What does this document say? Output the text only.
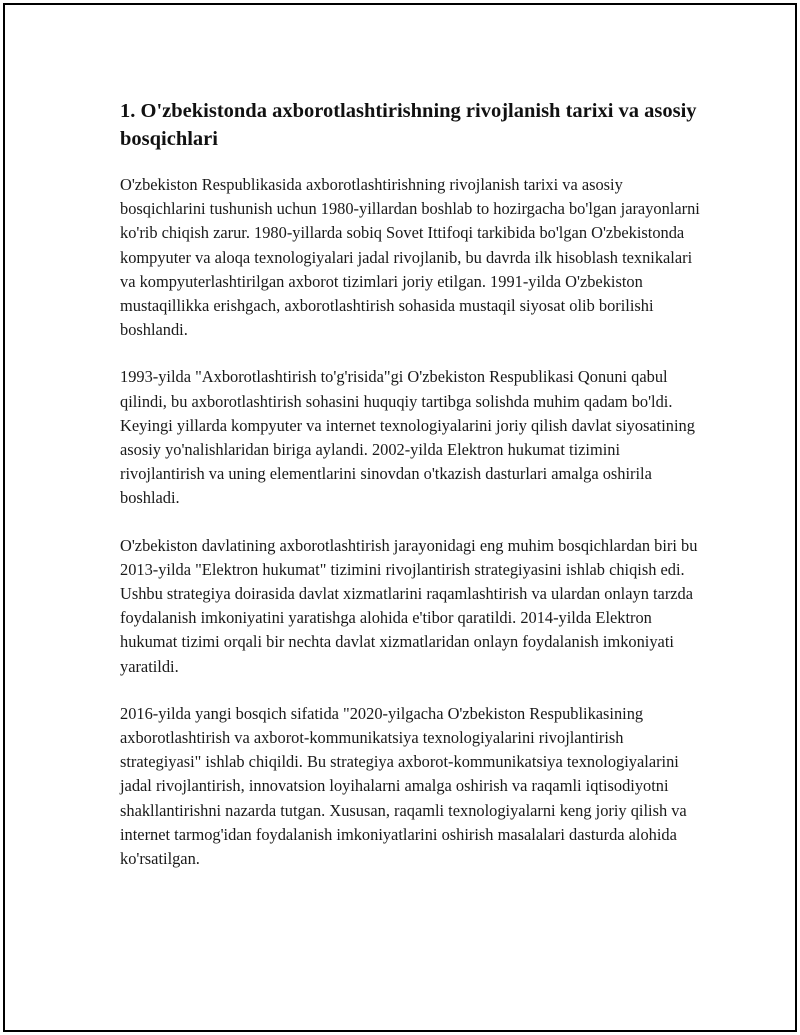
1. O'zbekistonda axborotlashtirishning rivojlanish tarixi va asosiy bosqichlari

O'zbekiston Respublikasida axborotlashtirishning rivojlanish tarixi va asosiy bosqichlarini tushunish uchun 1980-yillardan boshlab to hozirgacha bo'lgan jarayonlarni ko'rib chiqish zarur. 1980-yillarda sobiq Sovet Ittifoqi tarkibida bo'lgan O'zbekistonda kompyuter va aloqa texnologiyalari jadal rivojlanib, bu davrda ilk hisoblash texnikalari va kompyuterlashtirilgan axborot tizimlari joriy etilgan. 1991-yilda O'zbekiston mustaqillikka erishgach, axborotlashtirish sohasida mustaqil siyosat olib borilishi boshlandi.

1993-yilda "Axborotlashtirish to'g'risida"gi O'zbekiston Respublikasi Qonuni qabul qilindi, bu axborotlashtirish sohasini huquqiy tartibga solishda muhim qadam bo'ldi. Keyingi yillarda kompyuter va internet texnologiyalarini joriy qilish davlat siyosatining asosiy yo'nalishlaridan biriga aylandi. 2002-yilda Elektron hukumat tizimini rivojlantirish va uning elementlarini sinovdan o'tkazish dasturlari amalga oshirila boshladi.

O'zbekiston davlatining axborotlashtirish jarayonidagi eng muhim bosqichlardan biri bu 2013-yilda "Elektron hukumat" tizimini rivojlantirish strategiyasini ishlab chiqish edi. Ushbu strategiya doirasida davlat xizmatlarini raqamlashtirish va ulardan onlayn tarzda foydalanish imkoniyatini yaratishga alohida e'tibor qaratildi. 2014-yilda Elektron hukumat tizimi orqali bir nechta davlat xizmatlaridan onlayn foydalanish imkoniyati yaratildi.

2016-yilda yangi bosqich sifatida "2020-yilgacha O'zbekiston Respublikasining axborotlashtirish va axborot-kommunikatsiya texnologiyalarini rivojlantirish strategiyasi" ishlab chiqildi. Bu strategiya axborot-kommunikatsiya texnologiyalarini jadal rivojlantirish, innovatsion loyihalarni amalga oshirish va raqamli iqtisodiyotni shakllantirishni nazarda tutgan. Xususan, raqamli texnologiyalarni keng joriy qilish va internet tarmog'idan foydalanish imkoniyatlarini oshirish masalalari dasturda alohida ko'rsatilgan.
